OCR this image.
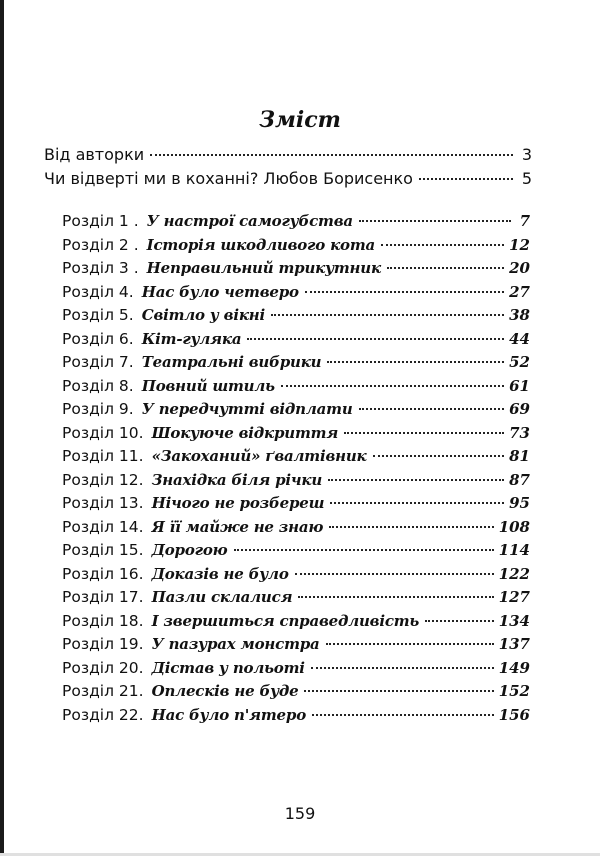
Зміст
Від авторки	3
Чи відверті ми в коханні? Любов Борисенко	5
Розділ 1 . У настрої самогубства	7
Розділ 2 . Історія шкодливого кота	12
Розділ 3 . Неправильний трикутник	20
Розділ 4. Нас було четверо	27
Розділ 5. Світло у вікні	38
Розділ 6. Кіт-гуляка	44
Розділ 7. Театральні вибрики	52
Розділ 8. Повний штиль	61
Розділ 9. У передчутті відплати	69
Розділ 10. Шокуюче відкриття	73
Розділ 11. «Закоханий» ґвалтівник	81
Розділ 12. Знахідка біля річки	87
Розділ 13. Нічого не розбереш	95
Розділ 14. Я її майже не знаю	108
Розділ 15. Дорогою	114
Розділ 16. Доказів не було	122
Розділ 17. Пазли склалися	127
Розділ 18. І звершиться справедливість	134
Розділ 19. У пазурах монстра	137
Розділ 20. Дістав у польоті	149
Розділ 21. Оплесків не буде	152
Розділ 22. Нас було п'ятеро	156
159
